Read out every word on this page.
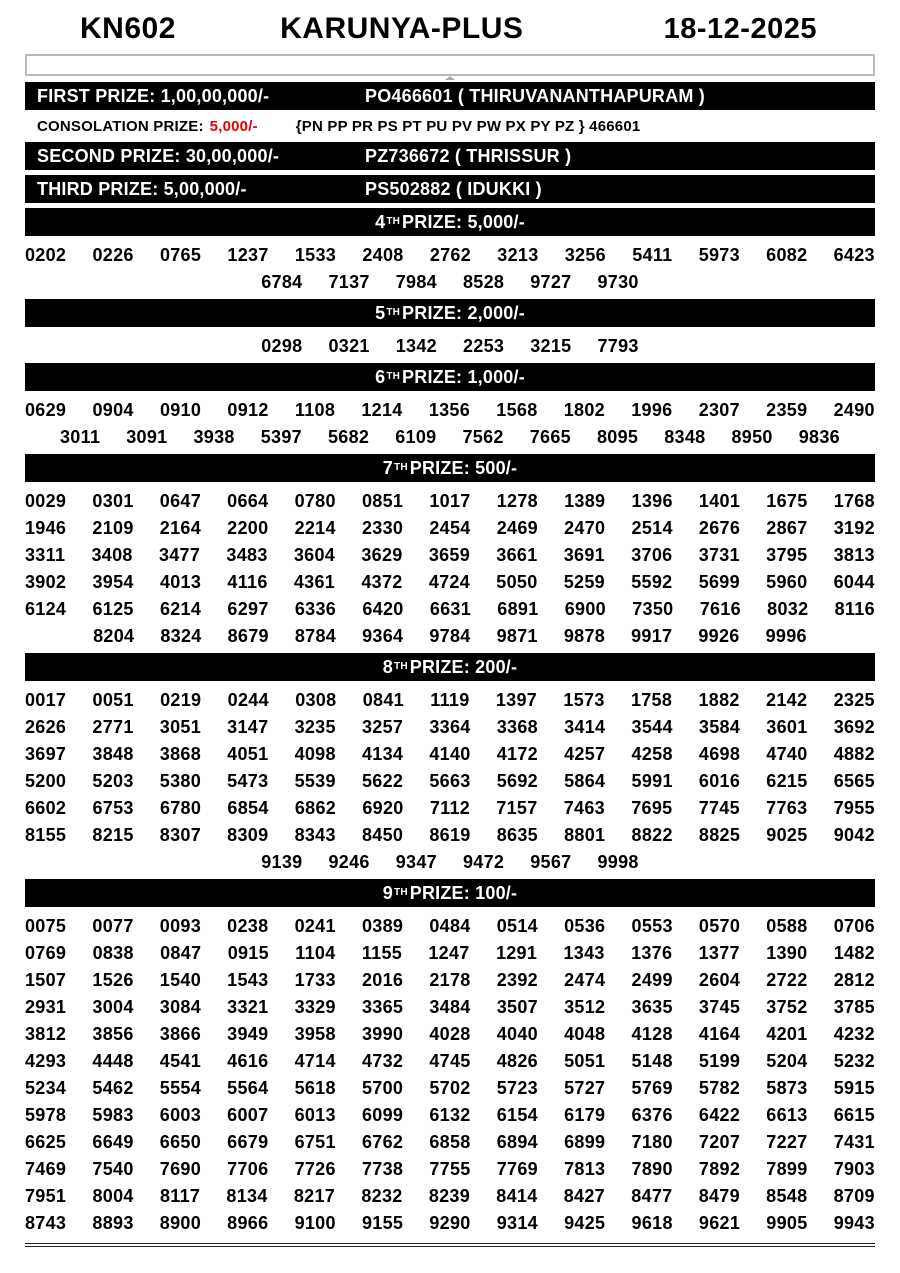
KN602	KARUNYA-PLUS	18-12-2025
FIRST PRIZE: 1,00,00,000/-	PO466601 ( THIRUVANANTHAPURAM )
CONSOLATION PRIZE: 5,000/-	{PN PP PR PS PT PU PV PW PX PY PZ } 466601
SECOND PRIZE: 30,00,000/-	PZ736672 ( THRISSUR )
THIRD PRIZE: 5,00,000/-	PS502882 ( IDUKKI )
4 TH PRIZE: 5,000/-
0202 0226 0765 1237 1533 2408 2762 3213 3256 5411 5973 6082 6423
6784 7137 7984 8528 9727 9730
5 TH PRIZE: 2,000/-
0298 0321 1342 2253 3215 7793
6 TH PRIZE: 1,000/-
0629 0904 0910 0912 1108 1214 1356 1568 1802 1996 2307 2359 2490
3011 3091 3938 5397 5682 6109 7562 7665 8095 8348 8950 9836
7 TH PRIZE: 500/-
0029 0301 0647 0664 0780 0851 1017 1278 1389 1396 1401 1675 1768
1946 2109 2164 2200 2214 2330 2454 2469 2470 2514 2676 2867 3192
3311 3408 3477 3483 3604 3629 3659 3661 3691 3706 3731 3795 3813
3902 3954 4013 4116 4361 4372 4724 5050 5259 5592 5699 5960 6044
6124 6125 6214 6297 6336 6420 6631 6891 6900 7350 7616 8032 8116
8204 8324 8679 8784 9364 9784 9871 9878 9917 9926 9996
8 TH PRIZE: 200/-
0017 0051 0219 0244 0308 0841 1119 1397 1573 1758 1882 2142 2325
2626 2771 3051 3147 3235 3257 3364 3368 3414 3544 3584 3601 3692
3697 3848 3868 4051 4098 4134 4140 4172 4257 4258 4698 4740 4882
5200 5203 5380 5473 5539 5622 5663 5692 5864 5991 6016 6215 6565
6602 6753 6780 6854 6862 6920 7112 7157 7463 7695 7745 7763 7955
8155 8215 8307 8309 8343 8450 8619 8635 8801 8822 8825 9025 9042
9139 9246 9347 9472 9567 9998
9 TH PRIZE: 100/-
0075 0077 0093 0238 0241 0389 0484 0514 0536 0553 0570 0588 0706
0769 0838 0847 0915 1104 1155 1247 1291 1343 1376 1377 1390 1482
1507 1526 1540 1543 1733 2016 2178 2392 2474 2499 2604 2722 2812
2931 3004 3084 3321 3329 3365 3484 3507 3512 3635 3745 3752 3785
3812 3856 3866 3949 3958 3990 4028 4040 4048 4128 4164 4201 4232
4293 4448 4541 4616 4714 4732 4745 4826 5051 5148 5199 5204 5232
5234 5462 5554 5564 5618 5700 5702 5723 5727 5769 5782 5873 5915
5978 5983 6003 6007 6013 6099 6132 6154 6179 6376 6422 6613 6615
6625 6649 6650 6679 6751 6762 6858 6894 6899 7180 7207 7227 7431
7469 7540 7690 7706 7726 7738 7755 7769 7813 7890 7892 7899 7903
7951 8004 8117 8134 8217 8232 8239 8414 8427 8477 8479 8548 8709
8743 8893 8900 8966 9100 9155 9290 9314 9425 9618 9621 9905 9943
